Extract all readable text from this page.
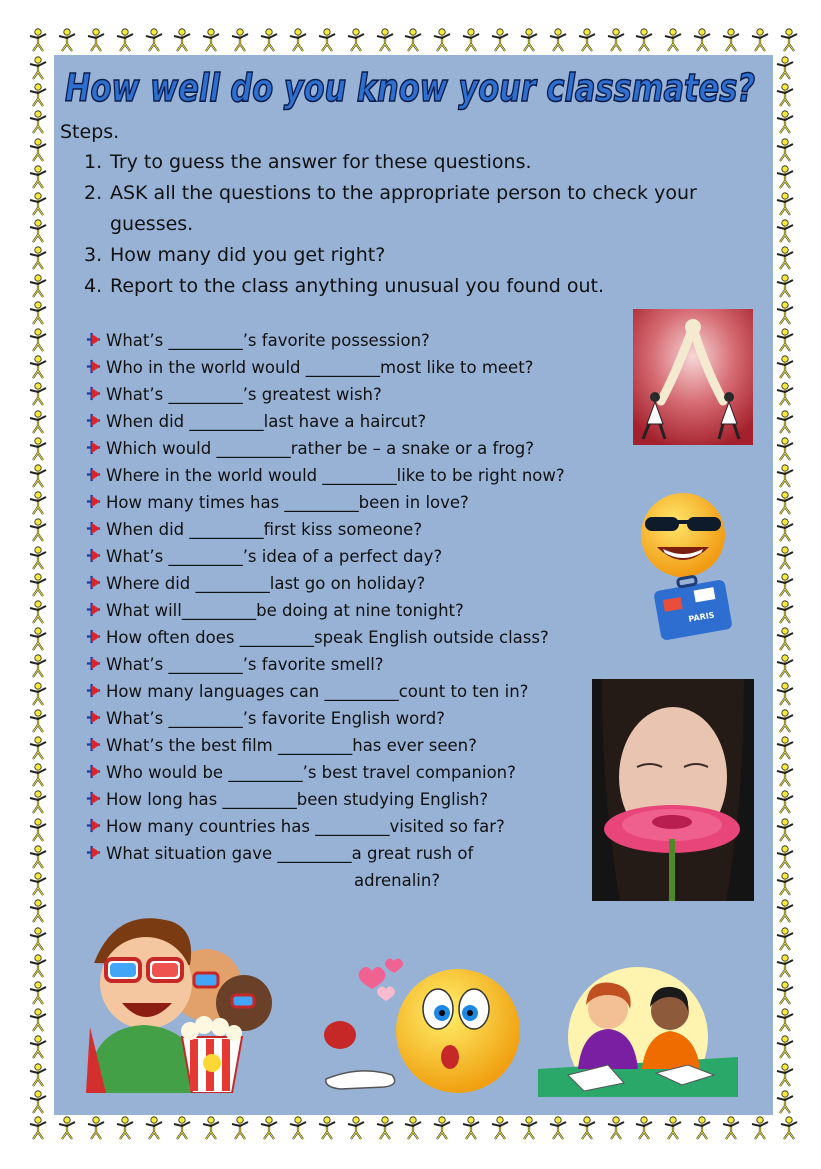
How well do you know your classmates?

Steps.

1. Try to guess the answer for these questions.
2. ASK all the questions to the appropriate person to check your guesses.
3. How many did you get right?
4. Report to the class anything unusual you found out.
What’s _________’s favorite possession?
Who in the world would _________most like to meet?
What’s _________’s greatest wish?
When did _________last have a haircut?
Which would _________rather be – a snake or a frog?
Where in the world would _________like to be right now?
How many times has _________been in love?
When did _________first kiss someone?
What’s _________’s idea of a perfect day?
Where did _________last go on holiday?
What will_________be doing at nine tonight?
How often does _________speak English outside class?
What’s _________’s favorite smell?
How many languages can _________count to ten in?
What’s _________’s favorite English word?
What’s the best film _________has ever seen?
Who would be _________’s best travel companion?
How long has _________been studying English?
How many countries has _________visited so far?
What situation gave _________a great rush of
adrenalin?
PARIS
